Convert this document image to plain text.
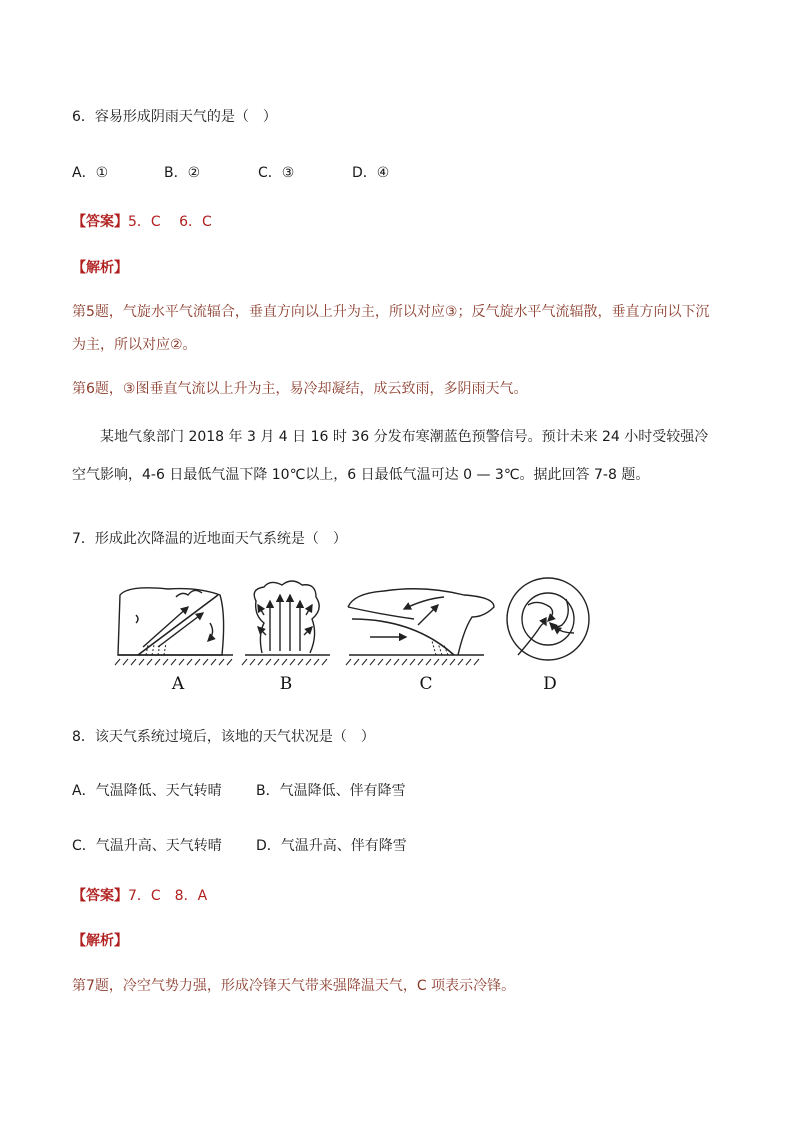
6．容易形成阴雨天气的是（　）
A．①	B．②	C．③	D．④
【答案】5．C　 6．C
【解析】
第5题，气旋水平气流辐合，垂直方向以上升为主，所以对应③；反气旋水平气流辐散，垂直方向以下沉为主，所以对应②。
第6题，③图垂直气流以上升为主，易冷却凝结，成云致雨，多阴雨天气。
某地气象部门 2018 年 3 月 4 日 16 时 36 分发布寒潮蓝色预警信号。预计未来 24 小时受较强冷空气影响，4-6 日最低气温下降 10℃以上，6 日最低气温可达 0 — 3℃。据此回答 7-8 题。
7．形成此次降温的近地面天气系统是（　）
A	B	C	D
8．该天气系统过境后，该地的天气状况是（　）
A．气温降低、天气转晴 B．气温降低、伴有降雪
C．气温升高、天气转晴 D．气温升高、伴有降雪
【答案】7．C　8．A
【解析】
第7题，冷空气势力强，形成冷锋天气带来强降温天气，C 项表示冷锋。
